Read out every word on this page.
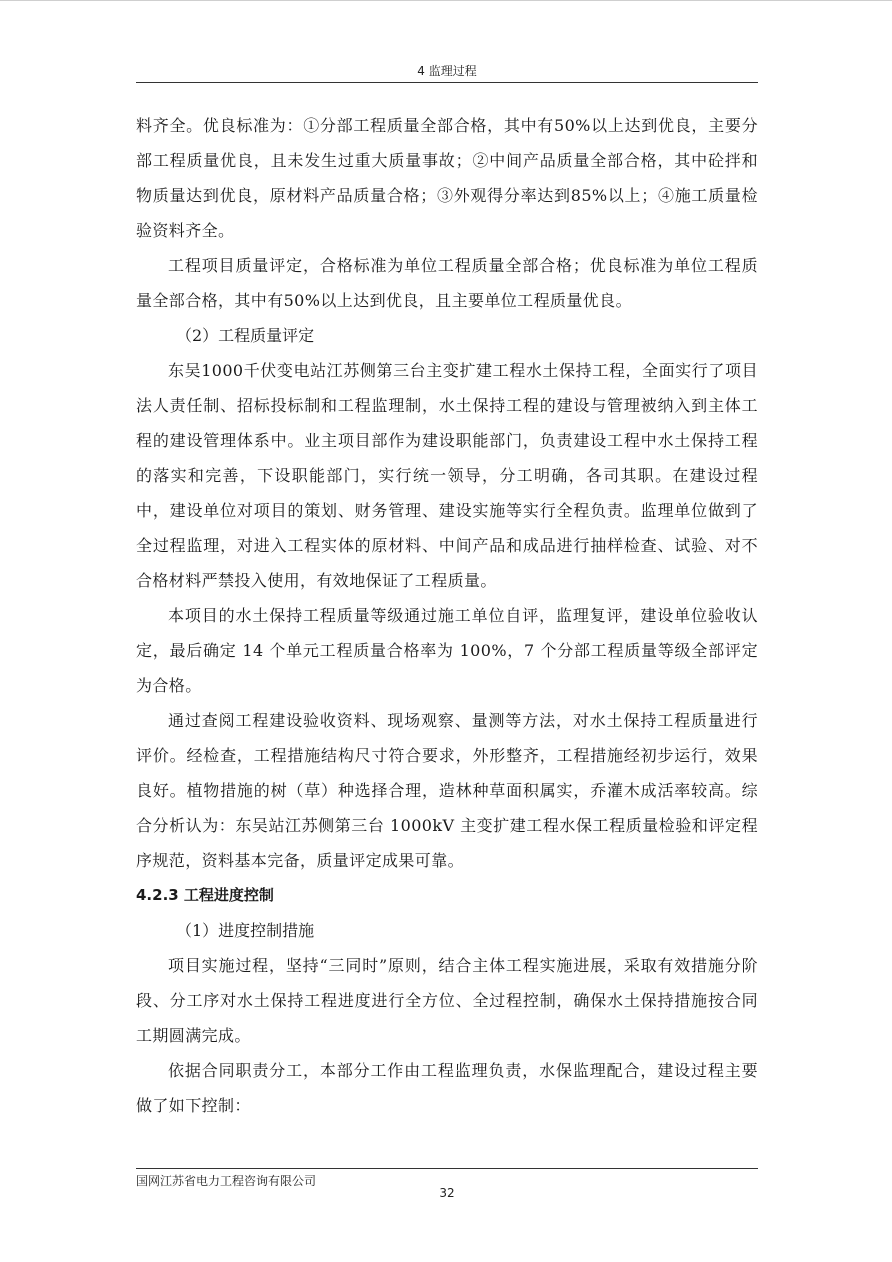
4 监理过程

料齐全。优良标准为：①分部工程质量全部合格，其中有50%以上达到优良，主要分部工程质量优良，且未发生过重大质量事故；②中间产品质量全部合格，其中砼拌和物质量达到优良，原材料产品质量合格；③外观得分率达到85%以上；④施工质量检验资料齐全。

工程项目质量评定，合格标准为单位工程质量全部合格；优良标准为单位工程质量全部合格，其中有50%以上达到优良，且主要单位工程质量优良。

（2）工程质量评定

东吴1000千伏变电站江苏侧第三台主变扩建工程水土保持工程，全面实行了项目法人责任制、招标投标制和工程监理制，水土保持工程的建设与管理被纳入到主体工程的建设管理体系中。业主项目部作为建设职能部门，负责建设工程中水土保持工程的落实和完善，下设职能部门，实行统一领导，分工明确，各司其职。在建设过程中，建设单位对项目的策划、财务管理、建设实施等实行全程负责。监理单位做到了全过程监理，对进入工程实体的原材料、中间产品和成品进行抽样检查、试验、对不合格材料严禁投入使用，有效地保证了工程质量。

本项目的水土保持工程质量等级通过施工单位自评，监理复评，建设单位验收认定，最后确定 14 个单元工程质量合格率为 100%，7 个分部工程质量等级全部评定为合格。

通过查阅工程建设验收资料、现场观察、量测等方法，对水土保持工程质量进行评价。经检查，工程措施结构尺寸符合要求，外形整齐，工程措施经初步运行，效果良好。植物措施的树（草）种选择合理，造林种草面积属实，乔灌木成活率较高。综合分析认为：东吴站江苏侧第三台 1000kV 主变扩建工程水保工程质量检验和评定程序规范，资料基本完备，质量评定成果可靠。

4.2.3 工程进度控制

（1）进度控制措施

项目实施过程，坚持“三同时”原则，结合主体工程实施进展，采取有效措施分阶段、分工序对水土保持工程进度进行全方位、全过程控制，确保水土保持措施按合同工期圆满完成。

依据合同职责分工，本部分工作由工程监理负责，水保监理配合，建设过程主要做了如下控制：

国网江苏省电力工程咨询有限公司
32
